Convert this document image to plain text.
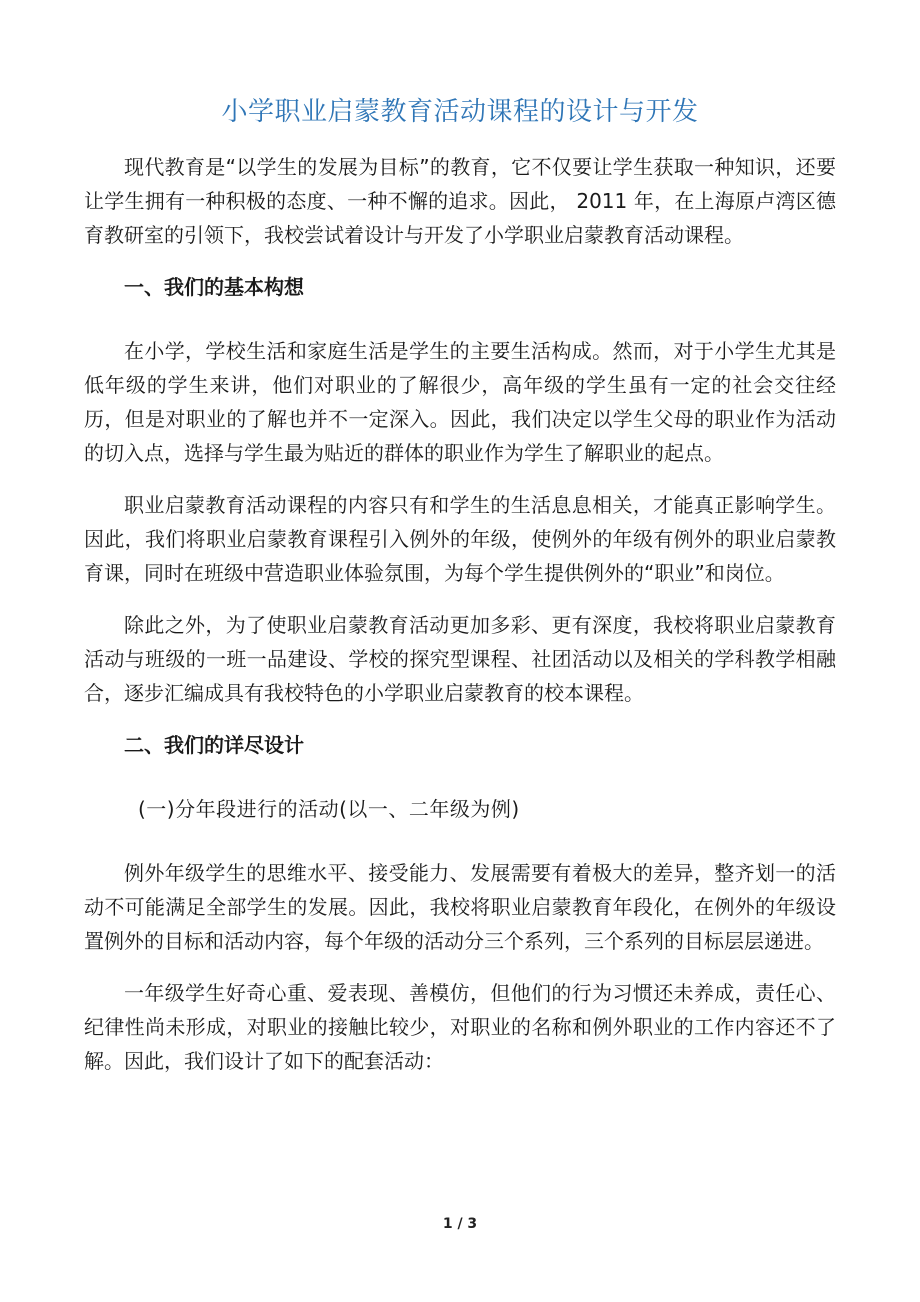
小学职业启蒙教育活动课程的设计与开发

现代教育是“以学生的发展为目标”的教育，它不仅要让学生获取一种知识，还要让学生拥有一种积极的态度、一种不懈的追求。因此， 2011 年，在上海原卢湾区德育教研室的引领下，我校尝试着设计与开发了小学职业启蒙教育活动课程。

一、我们的基本构想

在小学，学校生活和家庭生活是学生的主要生活构成。然而，对于小学生尤其是低年级的学生来讲，他们对职业的了解很少，高年级的学生虽有一定的社会交往经历，但是对职业的了解也并不一定深入。因此，我们决定以学生父母的职业作为活动的切入点，选择与学生最为贴近的群体的职业作为学生了解职业的起点。

职业启蒙教育活动课程的内容只有和学生的生活息息相关，才能真正影响学生。因此，我们将职业启蒙教育课程引入例外的年级，使例外的年级有例外的职业启蒙教育课，同时在班级中营造职业体验氛围，为每个学生提供例外的“职业”和岗位。

除此之外，为了使职业启蒙教育活动更加多彩、更有深度，我校将职业启蒙教育活动与班级的一班一品建设、学校的探究型课程、社团活动以及相关的学科教学相融合，逐步汇编成具有我校特色的小学职业启蒙教育的校本课程。

二、我们的详尽设计

(一)分年段进行的活动(以一、二年级为例)

例外年级学生的思维水平、接受能力、发展需要有着极大的差异，整齐划一的活动不可能满足全部学生的发展。因此，我校将职业启蒙教育年段化，在例外的年级设置例外的目标和活动内容，每个年级的活动分三个系列，三个系列的目标层层递进。

一年级学生好奇心重、爱表现、善模仿，但他们的行为习惯还未养成，责任心、纪律性尚未形成，对职业的接触比较少，对职业的名称和例外职业的工作内容还不了解。因此，我们设计了如下的配套活动：

1 / 3
